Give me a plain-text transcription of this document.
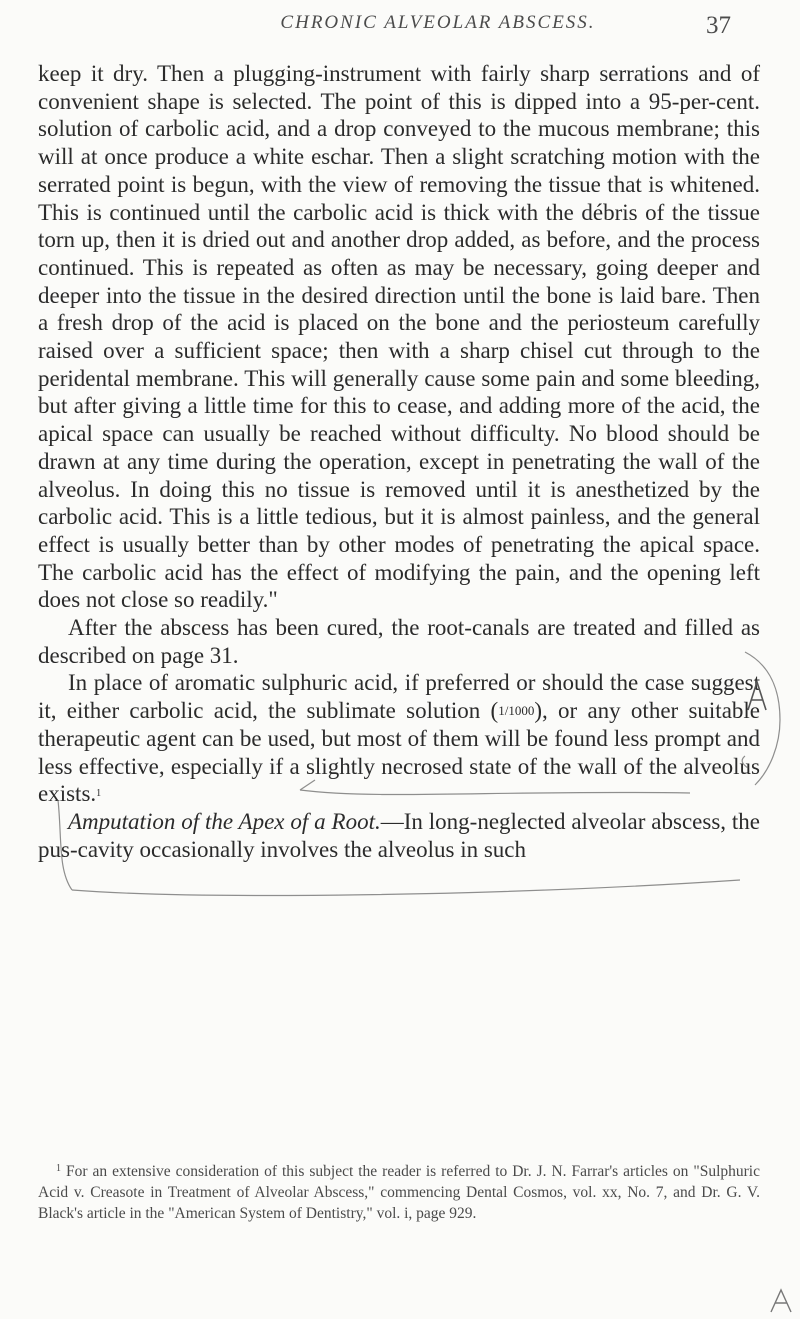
CHRONIC ALVEOLAR ABSCESS.	37

keep it dry. Then a plugging-instrument with fairly sharp serrations and of convenient shape is selected. The point of this is dipped into a 95-per-cent. solution of carbolic acid, and a drop conveyed to the mucous membrane; this will at once produce a white eschar. Then a slight scratching motion with the serrated point is begun, with the view of removing the tissue that is whitened. This is continued until the carbolic acid is thick with the débris of the tissue torn up, then it is dried out and another drop added, as before, and the process continued. This is repeated as often as may be necessary, going deeper and deeper into the tissue in the desired direction until the bone is laid bare. Then a fresh drop of the acid is placed on the bone and the periosteum carefully raised over a sufficient space; then with a sharp chisel cut through to the peridental membrane. This will generally cause some pain and some bleeding, but after giving a little time for this to cease, and adding more of the acid, the apical space can usually be reached without difficulty. No blood should be drawn at any time during the operation, except in penetrating the wall of the alveolus. In doing this no tissue is removed until it is anesthetized by the carbolic acid. This is a little tedious, but it is almost painless, and the general effect is usually better than by other modes of penetrating the apical space. The carbolic acid has the effect of modifying the pain, and the opening left does not close so readily."

After the abscess has been cured, the root-canals are treated and filled as described on page 31.

In place of aromatic sulphuric acid, if preferred or should the case suggest it, either carbolic acid, the sublimate solution (1/1000), or any other suitable therapeutic agent can be used, but most of them will be found less prompt and less effective, especially if a slightly necrosed state of the wall of the alveolus exists.$^1$

Amputation of the Apex of a Root.—In long-neglected alveolar abscess, the pus-cavity occasionally involves the alveolus in such

$^1$ For an extensive consideration of this subject the reader is referred to Dr. J. N. Farrar's articles on "Sulphuric Acid v. Creasote in Treatment of Alveolar Abscess," commencing Dental Cosmos, vol. xx, No. 7, and Dr. G. V. Black's article in the "American System of Dentistry," vol. i, page 929.
